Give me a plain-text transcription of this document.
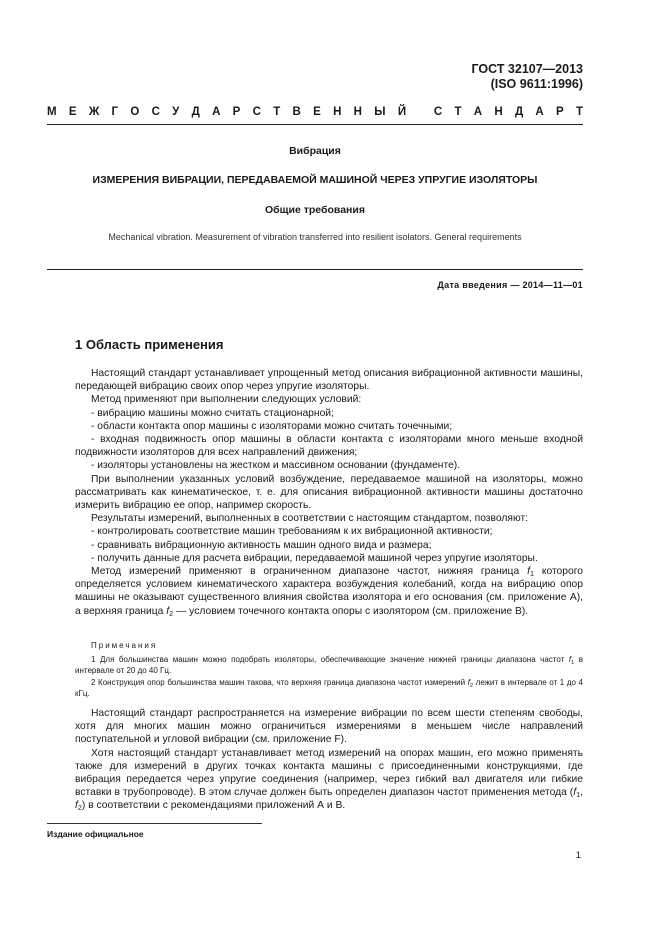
ГОСТ 32107—2013
(ISO 9611:1996)
М Е Ж Г О С У Д А Р С Т В Е Н Н Ы Й
С Т А Н Д А Р Т
Вибрация
ИЗМЕРЕНИЯ ВИБРАЦИИ, ПЕРЕДАВАЕМОЙ МАШИНОЙ ЧЕРЕЗ УПРУГИЕ ИЗОЛЯТОРЫ
Общие требования
Mechanical vibration. Measurement of vibration transferred into resilient isolators. General requirements
Дата введения — 2014—11—01
1 Область применения

Настоящий стандарт устанавливает упрощенный метод описания вибрационной активности машины, передающей вибрацию своих опор через упругие изоляторы.

Метод применяют при выполнении следующих условий:

- вибрацию машины можно считать стационарной;

- области контакта опор машины с изоляторами можно считать точечными;

- входная подвижность опор машины в области контакта с изоляторами много меньше входной подвижности изоляторов для всех направлений движения;

- изоляторы установлены на жестком и массивном основании (фундаменте).

При выполнении указанных условий возбуждение, передаваемое машиной на изоляторы, можно рассматривать как кинематическое, т. е. для описания вибрационной активности машины достаточно измерить вибрацию ее опор, например скорость.

Результаты измерений, выполненных в соответствии с настоящим стандартом, позволяют:

- контролировать соответствие машин требованиям к их вибрационной активности;

- сравнивать вибрационную активность машин одного вида и размера;

- получить данные для расчета вибрации, передаваемой машиной через упругие изоляторы.

Метод измерений применяют в ограниченном диапазоне частот, нижняя граница $f_1$ которого определяется условием кинематического характера возбуждения колебаний, когда на вибрацию опор машины не оказывают существенного влияния свойства изолятора и его основания (см. приложение А), а верхняя граница $f_2$ — условием точечного контакта опоры с изолятором (см. приложение В).

Примечания

1 Для большинства машин можно подобрать изоляторы, обеспечивающие значение нижней границы диапазона частот $f_1$ в интервале от 20 до 40 Гц.

2 Конструкция опор большинства машин такова, что верхняя граница диапазона частот измерений $f_2$ лежит в интервале от 1 до 4 кГц.

Настоящий стандарт распространяется на измерение вибрации по всем шести степеням свободы, хотя для многих машин можно ограничиться измерениями в меньшем числе направлений поступательной и угловой вибрации (см. приложение F).

Хотя настоящий стандарт устанавливает метод измерений на опорах машин, его можно применять также для измерений в других точках контакта машины с присоединенными конструкциями, где вибрация передается через упругие соединения (например, через гибкий вал двигателя или гибкие вставки в трубопроводе). В этом случае должен быть определен диапазон частот применения метода ($f_1$, $f_2$) в соответствии с рекомендациями приложений А и В.

Издание официальное
1
